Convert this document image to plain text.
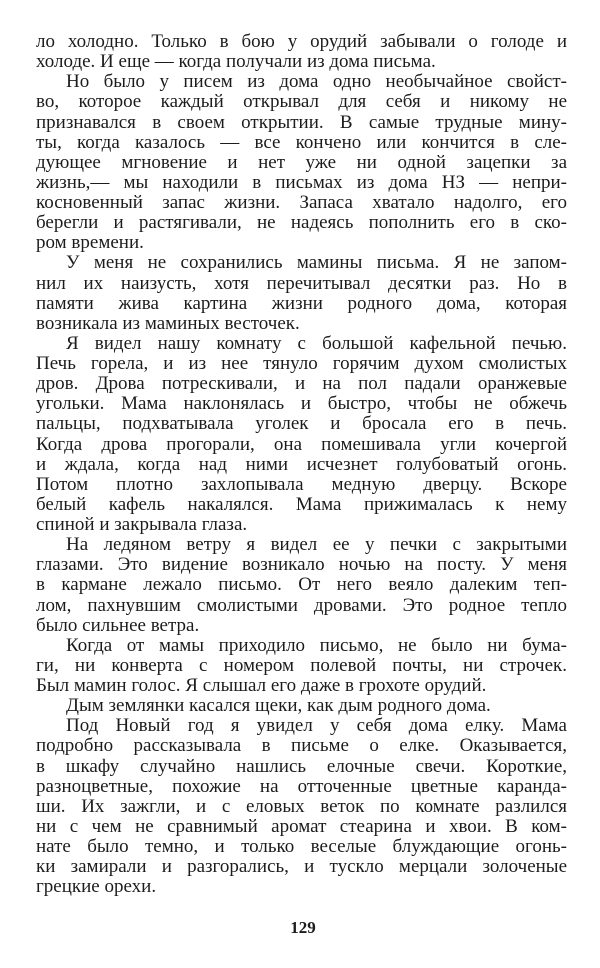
ло холодно. Только в бою у орудий забывали о голоде и
холоде. И еще — когда получали из дома письма.
Но было у писем из дома одно необычайное свойст-
во, которое каждый открывал для себя и никому не
признавался в своем открытии. В самые трудные мину-
ты, когда казалось — все кончено или кончится в сле-
дующее мгновение и нет уже ни одной зацепки за
жизнь,— мы находили в письмах из дома НЗ — непри-
косновенный запас жизни. Запаса хватало надолго, его
берегли и растягивали, не надеясь пополнить его в ско-
ром времени.
У меня не сохранились мамины письма. Я не запом-
нил их наизусть, хотя перечитывал десятки раз. Но в
памяти жива картина жизни родного дома, которая
возникала из маминых весточек.
Я видел нашу комнату с большой кафельной печью.
Печь горела, и из нее тянуло горячим духом смолистых
дров. Дрова потрескивали, и на пол падали оранжевые
угольки. Мама наклонялась и быстро, чтобы не обжечь
пальцы, подхватывала уголек и бросала его в печь.
Когда дрова прогорали, она помешивала угли кочергой
и ждала, когда над ними исчезнет голубоватый огонь.
Потом плотно захлопывала медную дверцу. Вскоре
белый кафель накалялся. Мама прижималась к нему
спиной и закрывала глаза.
На ледяном ветру я видел ее у печки с закрытыми
глазами. Это видение возникало ночью на посту. У меня
в кармане лежало письмо. От него веяло далеким теп-
лом, пахнувшим смолистыми дровами. Это родное тепло
было сильнее ветра.
Когда от мамы приходило письмо, не было ни бума-
ги, ни конверта с номером полевой почты, ни строчек.
Был мамин голос. Я слышал его даже в грохоте орудий.
Дым землянки касался щеки, как дым родного дома.
Под Новый год я увидел у себя дома елку. Мама
подробно рассказывала в письме о елке. Оказывается,
в шкафу случайно нашлись елочные свечи. Короткие,
разноцветные, похожие на отточенные цветные каранда-
ши. Их зажгли, и с еловых веток по комнате разлился
ни с чем не сравнимый аромат стеарина и хвои. В ком-
нате было темно, и только веселые блуждающие огонь-
ки замирали и разгорались, и тускло мерцали золоченые
грецкие орехи.
129
